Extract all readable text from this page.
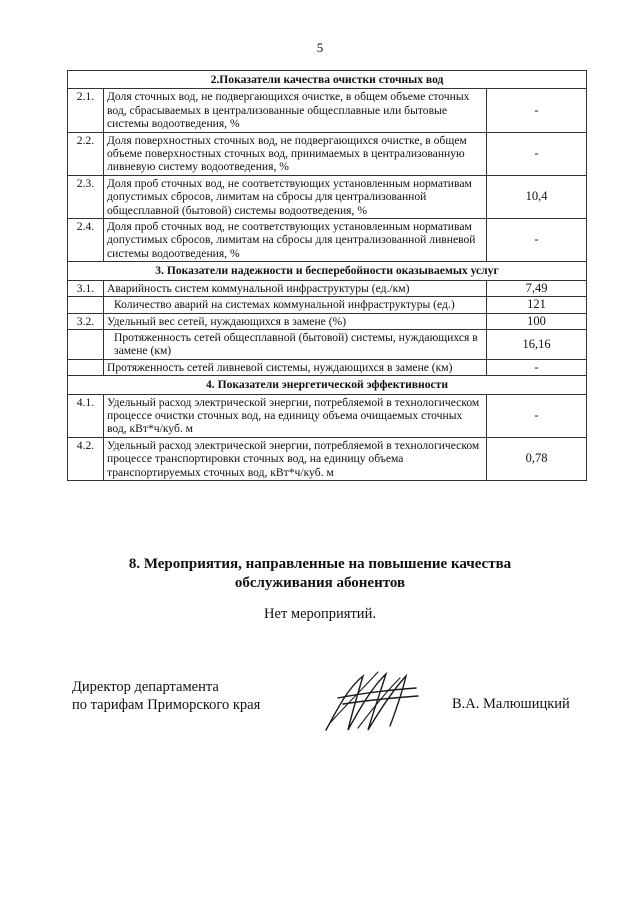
5
2.Показатели качества очистки сточных вод		
2.1.	Доля сточных вод, не подвергающихся очистке, в общем объеме сточных вод, сбрасываемых в централизованные общесплавные или бытовые системы водоотведения, %	-
2.2.	Доля поверхностных сточных вод, не подвергающихся очистке, в общем объеме поверхностных сточных вод, принимаемых в централизованную ливневую систему водоотведения, %	-
2.3.	Доля проб сточных вод, не соответствующих установленным нормативам допустимых сбросов, лимитам на сбросы для централизованной общесплавной (бытовой) системы водоотведения, %	10,4
2.4.	Доля проб сточных вод, не соответствующих установленным нормативам допустимых сбросов, лимитам на сбросы для централизованной ливневой системы водоотведения, %	-
3. Показатели надежности и бесперебойности оказываемых услуг		
3.1.	Аварийность систем коммунальной инфраструктуры (ед./км)	7,49
	Количество аварий на системах коммунальной инфраструктуры (ед.)	121
3.2.	Удельный вес сетей, нуждающихся в замене (%)	100
	Протяженность сетей общесплавной (бытовой) системы, нуждающихся в замене (км)	16,16
	Протяженность сетей ливневой системы, нуждающихся в замене (км)	-
4. Показатели энергетической эффективности		
4.1.	Удельный расход электрической энергии, потребляемой в технологическом процессе очистки сточных вод, на единицу объема очищаемых сточных вод, кВт*ч/куб. м	-
4.2.	Удельный расход электрической энергии, потребляемой в технологическом процессе транспортировки сточных вод, на единицу объема транспортируемых сточных вод, кВт*ч/куб. м	0,78
8. Мероприятия, направленные на повышение качества
обслуживания абонентов
Нет мероприятий.
Директор департамента
по тарифам Приморского края	В.А. Малюшицкий
